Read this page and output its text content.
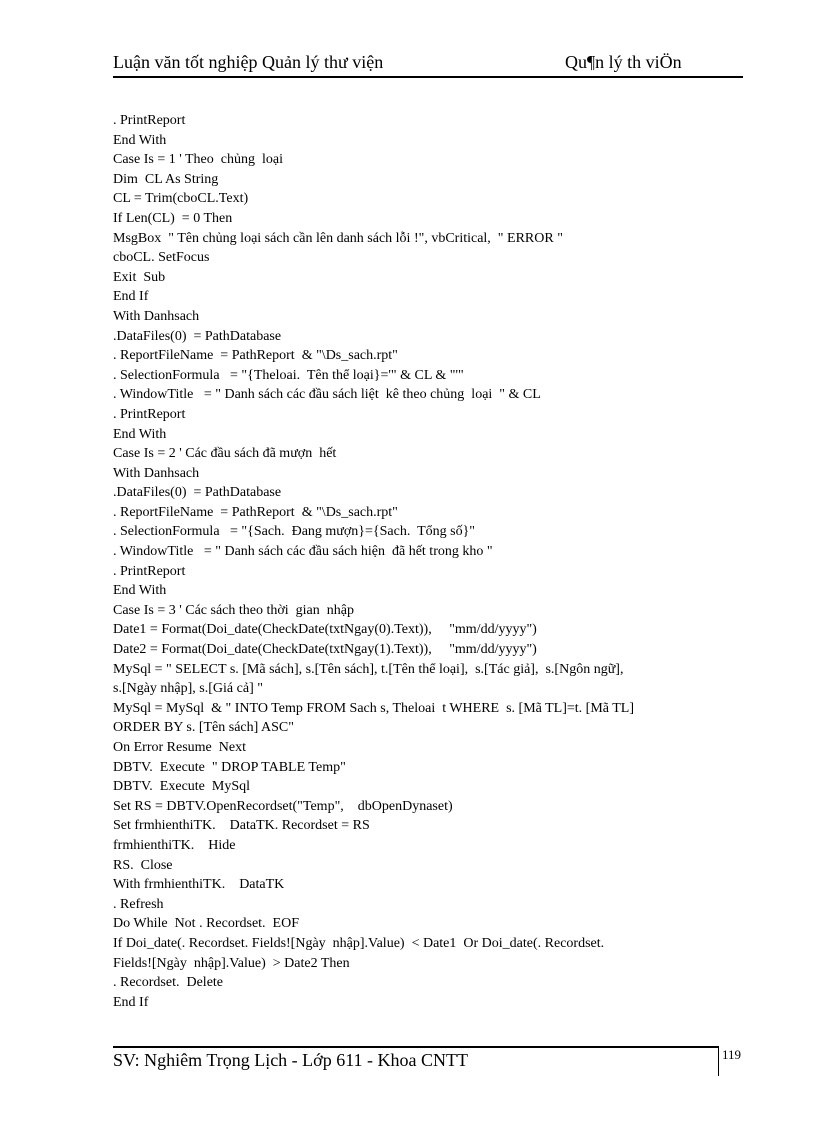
Luận văn tốt nghiệp Quản lý thư viện	Qu¶n lý th viÖn
. PrintReport
End With
Case Is = 1 ' Theo  chủng  loại
Dim  CL As String
CL = Trim(cboCL.Text)
If Len(CL)  = 0 Then
MsgBox  " Tên chủng loại sách cần lên danh sách lỗi !", vbCritical,  " ERROR "
cboCL. SetFocus
Exit  Sub
End If
With Danhsach
.DataFiles(0)  = PathDatabase
. ReportFileName  = PathReport  & "\Ds_sach.rpt"
. SelectionFormula   = "{Theloai.  Tên thể loại}='" & CL & "'"
. WindowTitle   = " Danh sách các đầu sách liệt  kê theo chủng  loại  " & CL
. PrintReport
End With
Case Is = 2 ' Các đầu sách đã mượn  hết
With Danhsach
.DataFiles(0)  = PathDatabase
. ReportFileName  = PathReport  & "\Ds_sach.rpt"
. SelectionFormula   = "{Sach.  Đang mượn}={Sach.  Tổng số}"
. WindowTitle   = " Danh sách các đầu sách hiện  đã hết trong kho "
. PrintReport
End With
Case Is = 3 ' Các sách theo thời  gian  nhập
Date1 = Format(Doi_date(CheckDate(txtNgay(0).Text)),     "mm/dd/yyyy")
Date2 = Format(Doi_date(CheckDate(txtNgay(1).Text)),     "mm/dd/yyyy")
MySql = " SELECT s. [Mã sách], s.[Tên sách], t.[Tên thể loại],  s.[Tác giả],  s.[Ngôn ngữ],
s.[Ngày nhập], s.[Giá cả] "
MySql = MySql  & " INTO Temp FROM Sach s, Theloai  t WHERE  s. [Mã TL]=t. [Mã TL]
ORDER BY s. [Tên sách] ASC"
On Error Resume  Next
DBTV.  Execute  " DROP TABLE Temp"
DBTV.  Execute  MySql
Set RS = DBTV.OpenRecordset("Temp",    dbOpenDynaset)
Set frmhienthiTK.    DataTK. Recordset = RS
frmhienthiTK.    Hide
RS.  Close
With frmhienthiTK.    DataTK
. Refresh
Do While  Not . Recordset.  EOF
If Doi_date(. Recordset. Fields![Ngày  nhập].Value)  < Date1  Or Doi_date(. Recordset.
Fields![Ngày  nhập].Value)  > Date2 Then
. Recordset.  Delete
End If
SV: Nghiêm Trọng Lịch - Lớp 611 - Khoa CNTT	119
